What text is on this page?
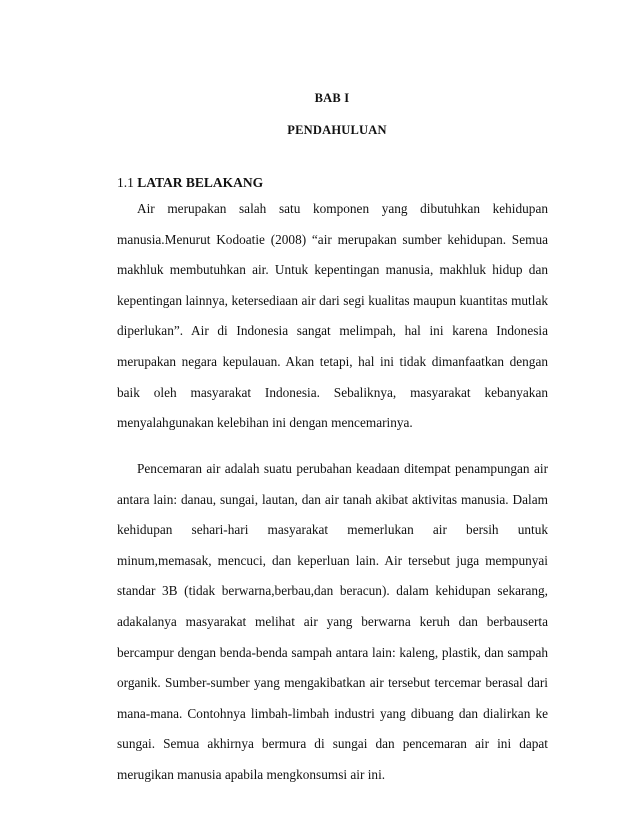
BAB I
PENDAHULUAN
1.1 LATAR BELAKANG

Air merupakan salah satu komponen yang dibutuhkan kehidupan manusia.Menurut Kodoatie (2008) “air merupakan sumber kehidupan. Semua makhluk membutuhkan air. Untuk kepentingan manusia, makhluk hidup dan kepentingan lainnya, ketersediaan air dari segi kualitas maupun kuantitas mutlak diperlukan”. Air di Indonesia sangat melimpah, hal ini karena Indonesia merupakan negara kepulauan. Akan tetapi, hal ini tidak dimanfaatkan dengan baik oleh masyarakat Indonesia. Sebaliknya, masyarakat kebanyakan menyalahgunakan kelebihan ini dengan mencemarinya.

Pencemaran air adalah suatu perubahan keadaan ditempat penampungan air antara lain: danau, sungai, lautan, dan air tanah akibat aktivitas manusia. Dalam kehidupan sehari-hari masyarakat memerlukan air bersih untuk minum,memasak, mencuci, dan keperluan lain. Air tersebut juga mempunyai standar 3B (tidak berwarna,berbau,dan beracun). dalam kehidupan sekarang, adakalanya masyarakat melihat air yang berwarna keruh dan berbauserta bercampur dengan benda-benda sampah antara lain: kaleng, plastik, dan sampah organik. Sumber-sumber yang mengakibatkan air tersebut tercemar berasal dari mana-mana. Contohnya limbah-limbah industri yang dibuang dan dialirkan ke sungai. Semua akhirnya bermura di sungai dan pencemaran air ini dapat merugikan manusia apabila mengkonsumsi air ini.
